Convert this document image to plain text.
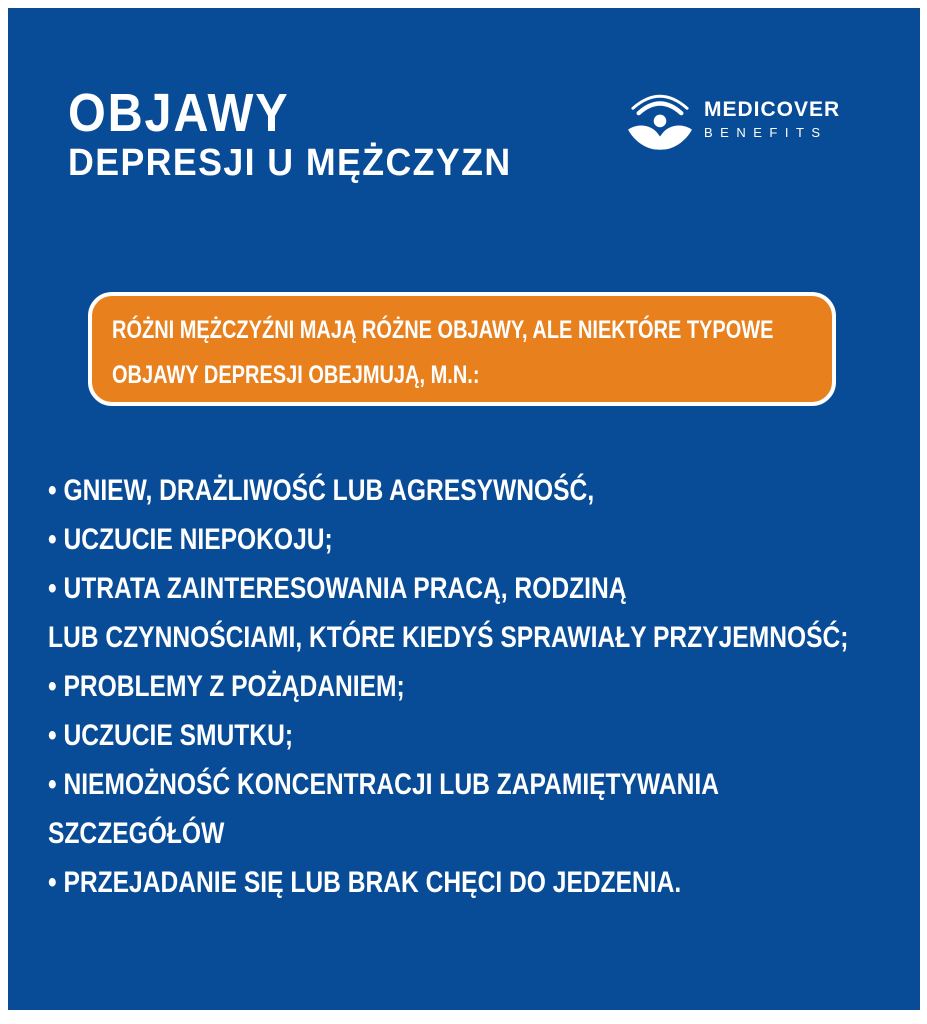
OBJAWY
DEPRESJI U MĘŻCZYZN
MEDICOVER
BENEFITS
RÓŻNI MĘŻCZYŹNI MAJĄ RÓŻNE OBJAWY, ALE NIEKTÓRE TYPOWE
OBJAWY DEPRESJI OBEJMUJĄ, M.N.:
• GNIEW, DRAŻLIWOŚĆ LUB AGRESYWNOŚĆ,
• UCZUCIE NIEPOKOJU;
• UTRATA ZAINTERESOWANIA PRACĄ, RODZINĄ
LUB CZYNNOŚCIAMI, KTÓRE KIEDYŚ SPRAWIAŁY PRZYJEMNOŚĆ;
• PROBLEMY Z POŻĄDANIEM;
• UCZUCIE SMUTKU;
• NIEMOŻNOŚĆ KONCENTRACJI LUB ZAPAMIĘTYWANIA
SZCZEGÓŁÓW
• PRZEJADANIE SIĘ LUB BRAK CHĘCI DO JEDZENIA.
